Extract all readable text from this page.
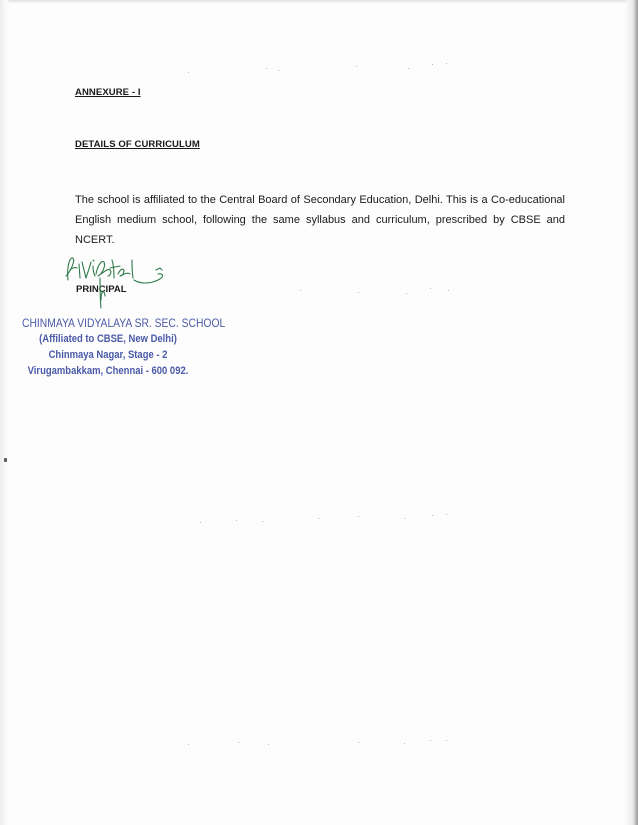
ANNEXURE - I

DETAILS OF CURRICULUM

The school is affiliated to the Central Board of Secondary Education, Delhi. This is a Co-educational English medium school, following the same syllabus and curriculum, prescribed by CBSE and NCERT.

PRINCIPAL

CHINMAYA VIDYALAYA SR. SEC. SCHOOL
(Affiliated to CBSE, New Delhi)
Chinmaya Nagar, Stage - 2
Virugambakkam, Chennai - 600 092.
